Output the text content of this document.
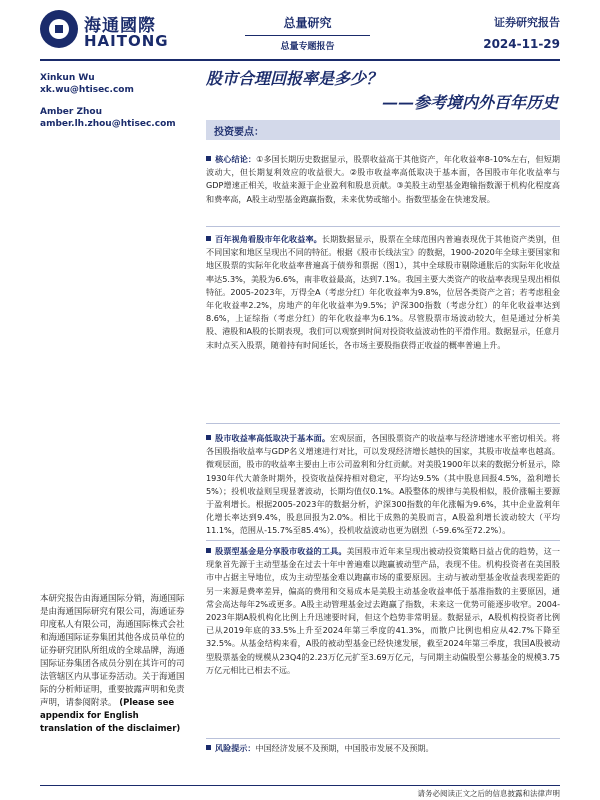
海通國際
HAITONG
总量研究
总量专题报告
证券研究报告
2024-11-29
Xinkun Wu
xk.wu@htisec.com
Amber Zhou
amber.lh.zhou@htisec.com
股市合理回报率是多少？
——参考境内外百年历史
投资要点：
核心结论：①多国长期历史数据显示，股票收益高于其他资产，年化收益率8-10%左右，但短期波动大，但长期复利效应的收益很大。②股市收益率高低取决于基本面，各国股市年化收益率与GDP增速正相关，收益来源于企业盈利和股息贡献。③美股主动型基金跑输指数源于机构化程度高和费率高，A股主动型基金跑赢指数，未来优势或缩小。指数型基金在快速发展。
百年视角看股市年化收益率。长期数据显示，股票在全球范围内普遍表现优于其他资产类别，但不同国家和地区呈现出不同的特征。根据《股市长线法宝》的数据，1900-2020年全球主要国家和地区股票的实际年化收益率普遍高于债券和票据（图1），其中全球股市剔除通胀后的实际年化收益率达5.3%，美股为6.6%，南非收益最高，达到7.1%。我国主要大类资产的收益率表现呈现出相似特征。2005-2023年，万得全A（考虑分红）年化收益率为9.8%，位居各类资产之首；若考虑租金年化收益率2.2%，房地产的年化收益率为9.5%；沪深300指数（考虑分红）的年化收益率达到8.6%，上证综指（考虑分红）的年化收益率为6.1%。尽管股票市场波动较大，但是通过分析美股、港股和A股的长期表现，我们可以观察到时间对投资收益波动性的平滑作用。数据显示，任意月末时点买入股票，随着持有时间延长，各市场主要股指获得正收益的概率普遍上升。
股市收益率高低取决于基本面。宏观层面，各国股票资产的收益率与经济增速水平密切相关。将各国股指收益率与GDP名义增速进行对比，可以发现经济增长越快的国家，其股市收益率也越高。微观层面，股市的收益率主要由上市公司盈利和分红贡献。对美股1900年以来的数据分析显示，除1930年代大萧条时期外，投资收益保持相对稳定，平均达9.5%（其中股息回报4.5%，盈利增长5%）；投机收益则呈现显著波动，长期均值仅0.1%。A股整体的规律与美股相似，股价涨幅主要源于盈利增长。根据2005-2023年的数据分析，沪深300指数的年化涨幅为9.6%，其中企业盈利年化增长率达到9.4%，股息回报为2.0%。相比于成熟的美股而言，A股盈利增长波动较大（平均11.1%，范围从-15.7%至85.4%），投机收益波动也更为剧烈（-59.6%至72.2%）。
股票型基金是分享股市收益的工具。美国股市近年来呈现出被动投资策略日益占优的趋势，这一现象首先源于主动型基金在过去十年中普遍难以跑赢被动型产品，表现不佳。机构投资者在美国股市中占据主导地位，成为主动型基金难以跑赢市场的重要原因。主动与被动型基金收益表现差距的另一来源是费率差异，偏高的费用和交易成本是美股主动基金收益率低于基准指数的主要原因，通常会高达每年2%或更多。A股主动管理基金过去跑赢了指数，未来这一优势可能逐步收窄。2004-2023年期A股机构化比例上升迅速要时间，但这个趋势非常明显。数据显示，A股机构投资者比例已从2019年底的33.5%上升至2024年第三季度的41.3%，而散户比例也相应从42.7%下降至32.5%。从基金结构来看，A股的被动型基金已经快速发展，截至2024年第三季度，我国A股被动型股票基金的规模从23Q4的2.23万亿元扩至3.69万亿元，与同期主动偏股型公募基金的规模3.75万亿元相比已相去不远。
风险提示：中国经济发展不及预期，中国股市发展不及预期。
本研究报告由海通国际分销，海通国际是由海通国际研究有限公司，海通证券印度私人有限公司，海通国际株式会社和海通国际证券集团其他各成员单位的证券研究团队所组成的全球品牌，海通国际证券集团各成员分别在其许可的司法管辖区内从事证券活动。关于海通国际的分析师证明，重要披露声明和免责声明，请参阅附录。 (Please see appendix for English translation of the disclaimer)
请务必阅读正文之后的信息披露和法律声明
